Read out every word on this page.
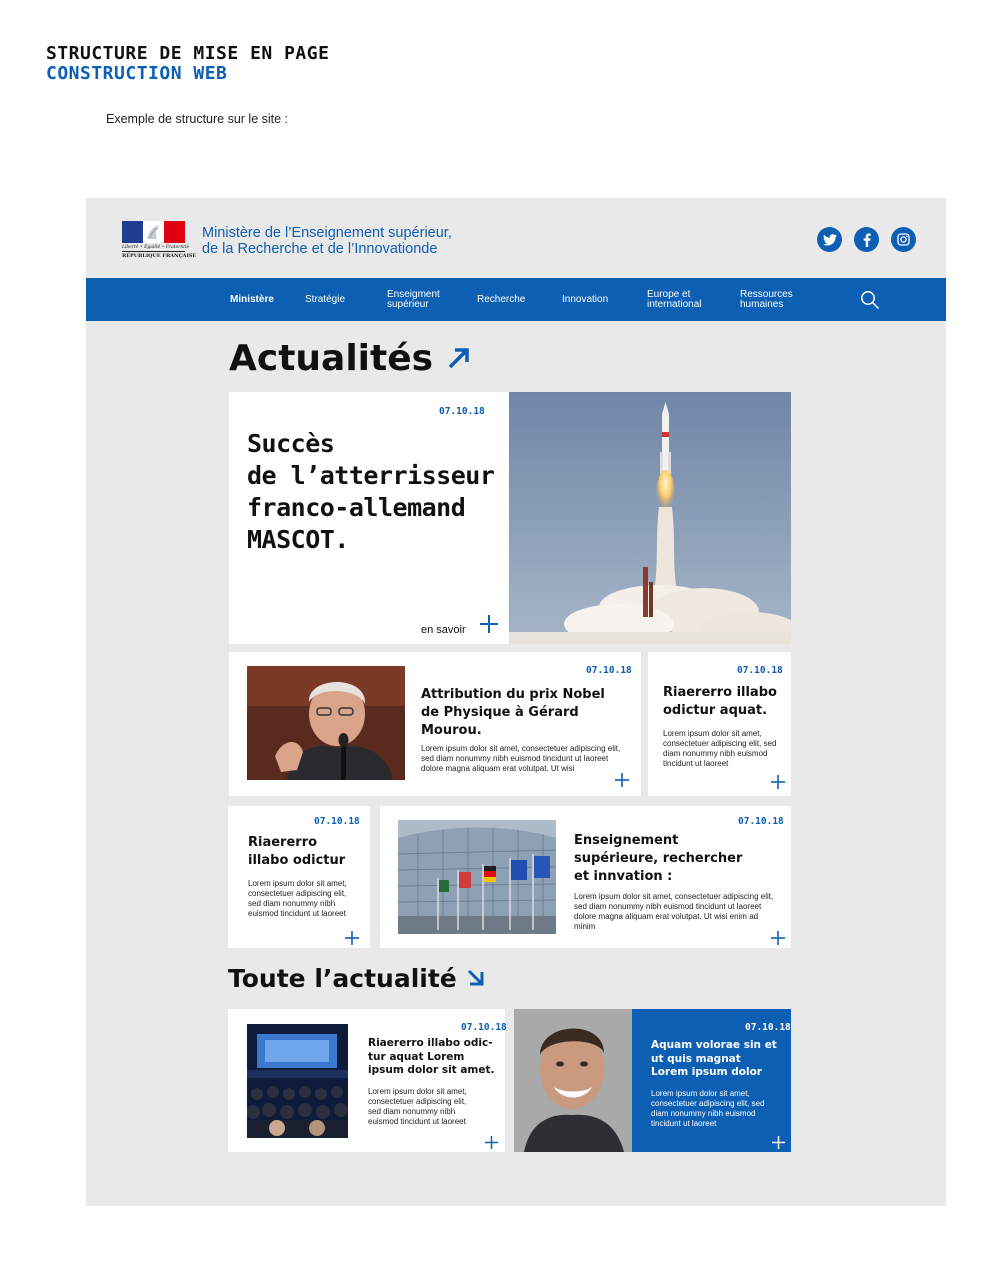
STRUCTURE DE MISE EN PAGE
CONSTRUCTION WEB
Exemple de structure sur le site :
Liberté • Égalité • Fraternité
RÉPUBLIQUE FRANÇAISE
Ministère de l’Enseignement supérieur,
de la Recherche et de l’Innovationde
Ministère	Stratégie	Enseigment
supérieur	Recherche	Innovation	Europe et
international
Ressources
humaines
Actualités
07.10.18
Succès
de l’atterrisseur
franco-allemand
MASCOT.
en savoir
07.10.18
Attribution du prix Nobel
de Physique à Gérard
Mourou.
Lorem ipsum dolor sit amet, consectetuer adipiscing elit, sed diam nonummy nibh euismod tincidunt ut laoreet dolore magna aliquam erat volutpat. Ut wisi
07.10.18
Riaererro illabo
odictur aquat.
Lorem ipsum dolor sit amet, consectetuer adipiscing elit, sed diam nonummy nibh euismod tincidunt ut laoreet
07.10.18
Riaererro
illabo odictur
Lorem ipsum dolor sit amet, consectetuer adipiscing elit, sed diam nonummy nibh euismod tincidunt ut laoreet
07.10.18
Enseignement
supérieure, rechercher
et innvation :
Lorem ipsum dolor sit amet, consectetuer adipiscing elit, sed diam nonummy nibh euismod tincidunt ut laoreet dolore magna aliquam erat volutpat. Ut wisi enim ad minim
Toute l’actualité
07.10.18
Riaererro illabo odic-
tur aquat Lorem
ipsum dolor sit amet.
Lorem ipsum dolor sit amet, consectetuer adipiscing elit, sed diam nonummy nibh euismod tincidunt ut laoreet
07.10.18
Aquam volorae sin et
ut quis magnat
Lorem ipsum dolor
Lorem ipsum dolor sit amet, consectetuer adipiscing elit, sed diam nonummy nibh euismod tincidunt ut laoreet
